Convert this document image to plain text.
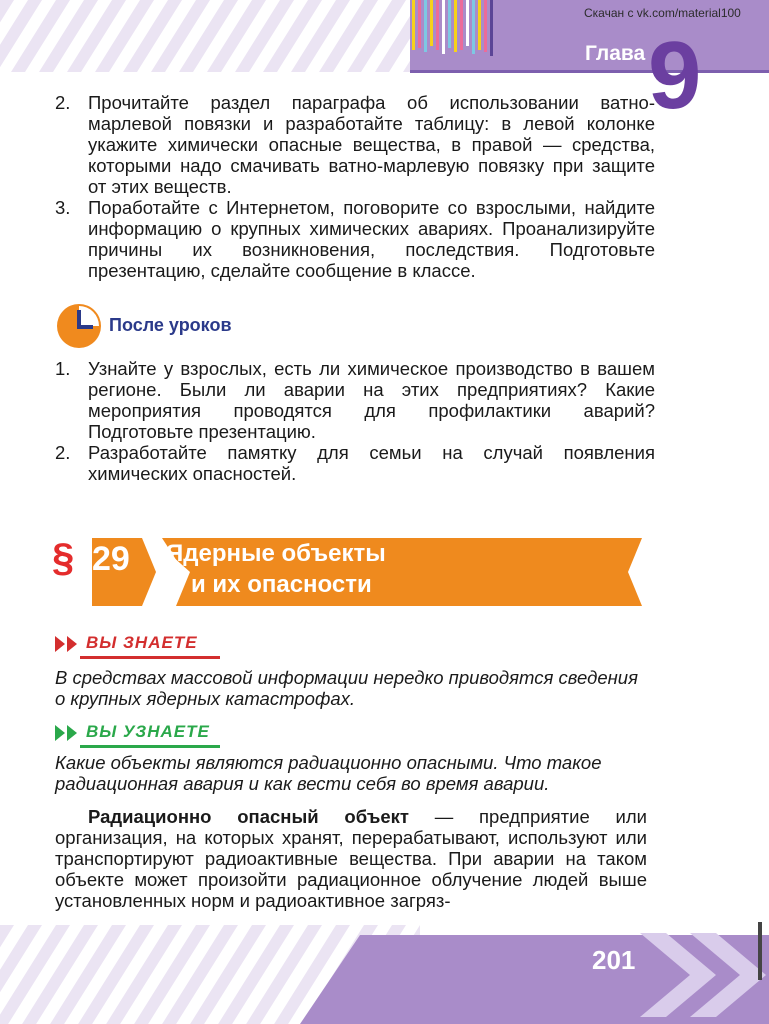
Скачан с vk.com/material100
Глава 9
2. Прочитайте раздел параграфа об использовании ватно-марлевой повязки и разработайте таблицу: в левой колонке укажите химически опасные вещества, в правой — средства, которыми надо смачивать ватно-марлевую повязку при защите от этих веществ.
3. Поработайте с Интернетом, поговорите со взрослыми, найдите информацию о крупных химических авариях. Проанализируйте причины их возникновения, последствия. Подготовьте презентацию, сделайте сообщение в классе.
После уроков
1. Узнайте у взрослых, есть ли химическое производство в вашем регионе. Были ли аварии на этих предприятиях? Какие мероприятия проводятся для профилактики аварий? Подготовьте презентацию.
2. Разработайте памятку для семьи на случай появления химических опасностей.
§ 29 Ядерные объекты
и их опасности
ВЫ ЗНАЕТЕ
В средствах массовой информации нередко приводятся сведения о крупных ядерных катастрофах.
ВЫ УЗНАЕТЕ
Какие объекты являются радиационно опасными. Что такое радиационная авария и как вести себя во время аварии.
Радиационно опасный объект — предприятие или организация, на которых хранят, перерабатывают, используют или транспортируют радиоактивные вещества. При аварии на таком объекте может произойти радиационное облучение людей выше установленных норм и радиоактивное загряз-
201
